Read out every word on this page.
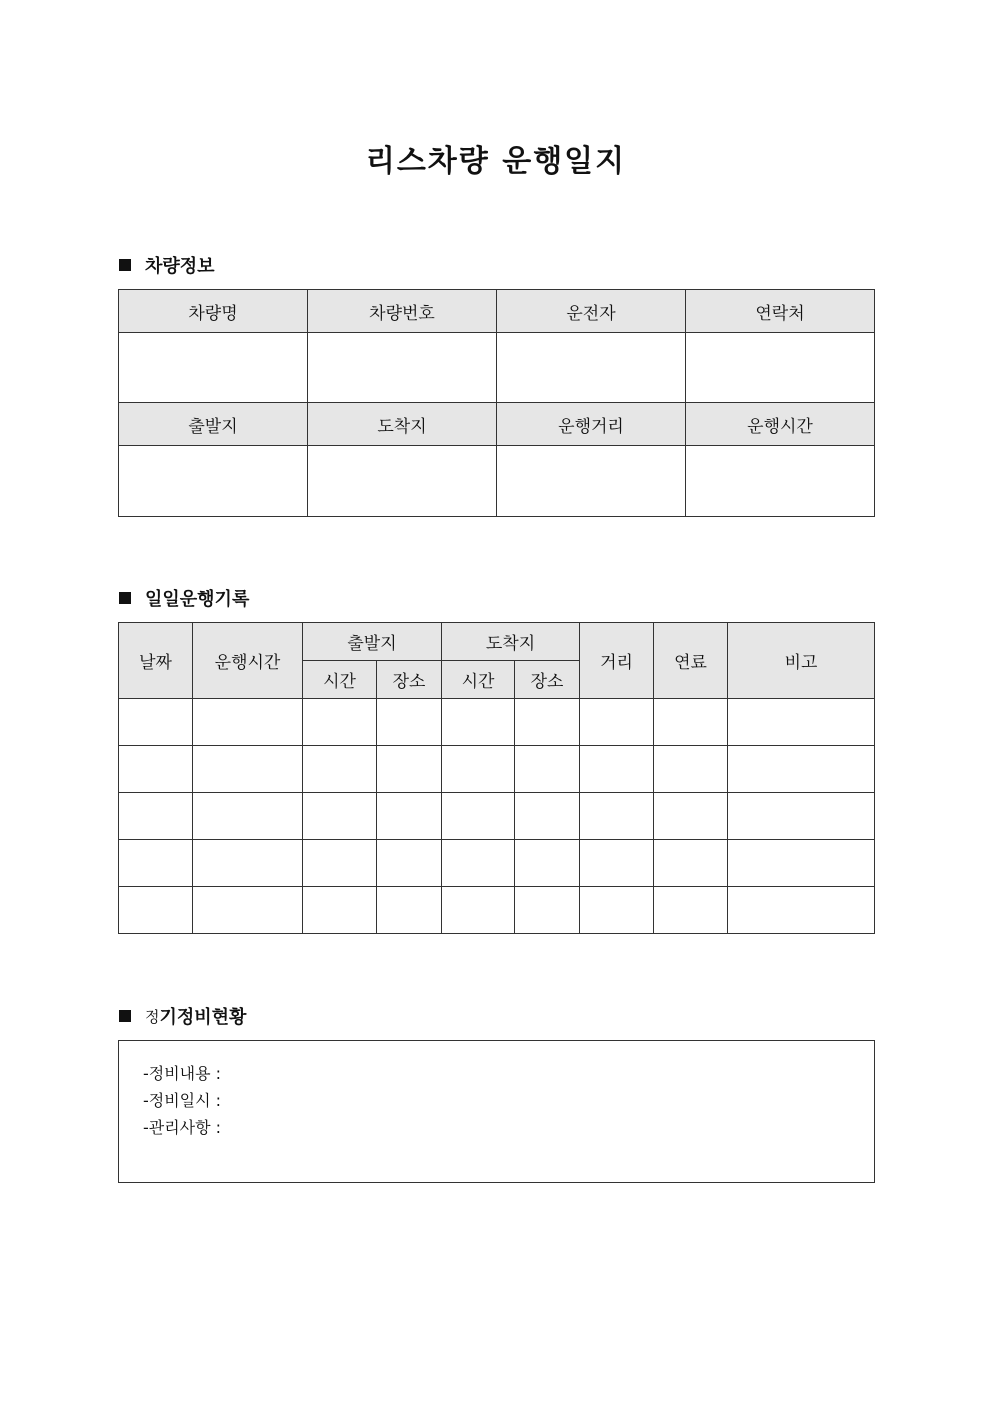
리스차량 운행일지
차량정보
차량명	차량번호	운전자	연락처

출발지	도착지	운행거리	운행시간

일일운행기록
날짜	운행시간	출발지		도착지		거리	연료	비고
		시간	장소	시간	장소			

정 기정비현황
-정비내용 :
-정비일시 :
-관리사항 :
